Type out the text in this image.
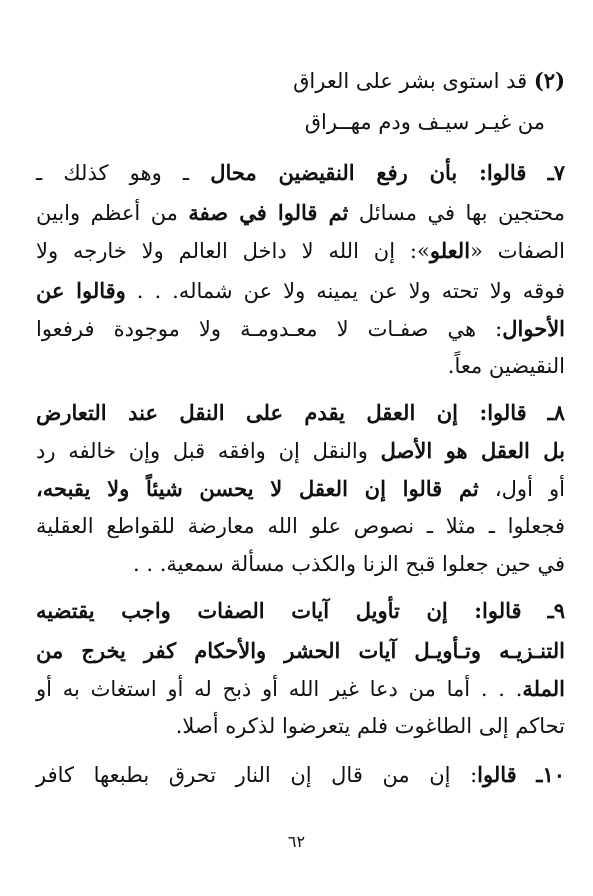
(٢) قد استوى بشر على العراق
من غيـر سيـف ودم مهــراق
٧ـ قالوا: بأن رفع النقيضين محال ـ وهو كذلك ـ
محتجين بها في مسائل ثم قالوا في صفة من أعظم وابين
الصفات «العلو»: إن الله لا داخل العالم ولا خارجه ولا
فوقه ولا تحته ولا عن يمينه ولا عن شماله. . . وقالوا عن
الأحوال: هي صفـات لا معـدومـة ولا موجودة فرفعوا
النقيضين معاً.
٨ـ قالوا: إن العقل يقدم على النقل عند التعارض
بل العقل هو الأصل والنقل إن وافقه قبل وإن خالفه رد
أو أول، ثم قالوا إن العقل لا يحسن شيئاً ولا يقبحه،
فجعلوا ـ مثلا ـ نصوص علو الله معارضة للقواطع العقلية
في حين جعلوا قبح الزنا والكذب مسألة سمعية. . .
٩ـ قالوا: إن تأويل آيات الصفات واجب يقتضيه
التنـزيـه وتـأويـل آيات الحشر والأحكام كفر يخرج من
الملة. . . أما من دعا غير الله أو ذبح له أو استغاث به أو
تحاكم إلى الطاغوت فلم يتعرضوا لذكره أصلا.
١٠ـ قالوا: إن من قال إن النار تحرق بطبعها كافر
٦٢
